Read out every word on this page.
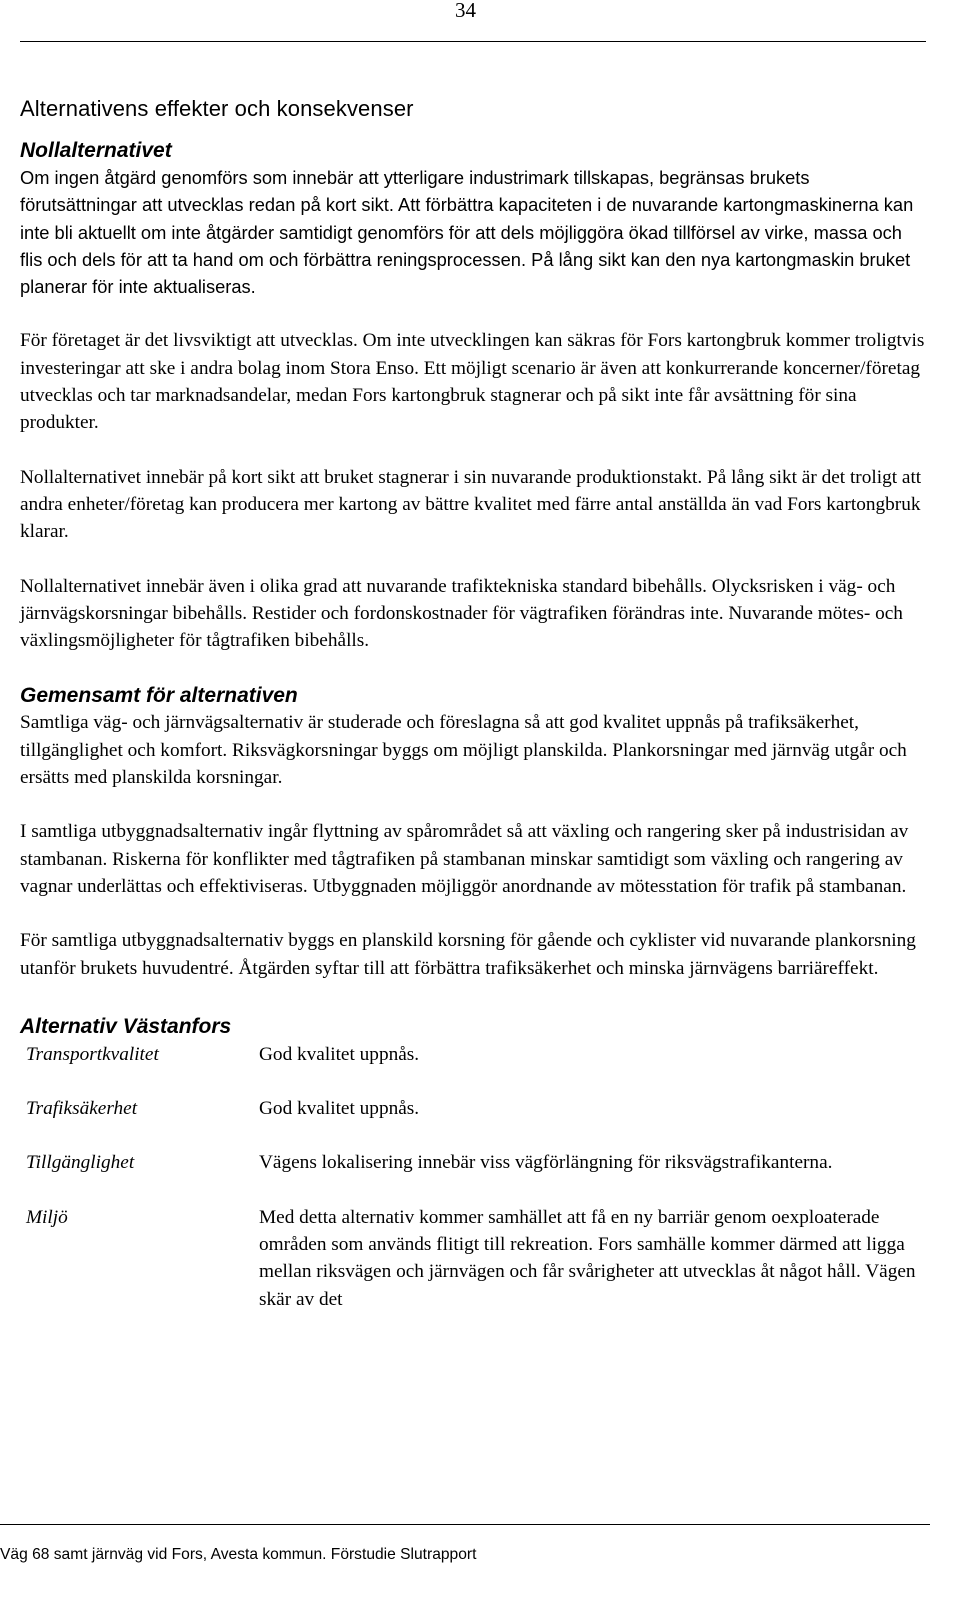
34
Alternativens effekter och konsekvenser
Nollalternativet

Om ingen åtgärd genomförs som innebär att ytterligare industrimark tillskapas, begränsas brukets förutsättningar att utvecklas redan på kort sikt. Att förbättra kapaciteten i de nuvarande kartongmaskinerna kan inte bli aktuellt om inte åtgärder samtidigt genomförs för att dels möjliggöra ökad tillförsel av virke, massa och flis och dels för att ta hand om och förbättra reningsprocessen. På lång sikt kan den nya kartongmaskin bruket planerar för inte aktualiseras.

För företaget är det livsviktigt att utvecklas. Om inte utvecklingen kan säkras för Fors kartongbruk kommer troligtvis investeringar att ske i andra bolag inom Stora Enso. Ett möjligt scenario är även att konkurrerande koncerner/företag utvecklas och tar marknadsandelar, medan Fors kartongbruk stagnerar och på sikt inte får avsättning för sina produkter.

Nollalternativet innebär på kort sikt att bruket stagnerar i sin nuvarande produktionstakt. På lång sikt är det troligt att andra enheter/företag kan producera mer kartong av bättre kvalitet med färre antal anställda än vad Fors kartongbruk klarar.

Nollalternativet innebär även i olika grad att nuvarande trafiktekniska standard bibehålls. Olycksrisken i väg- och järnvägskorsningar bibehålls. Restider och fordonskostnader för vägtrafiken förändras inte. Nuvarande mötes- och växlingsmöjligheter för tågtrafiken bibehålls.

Gemensamt för alternativen

Samtliga väg- och järnvägsalternativ är studerade och föreslagna så att god kvalitet uppnås på trafiksäkerhet, tillgänglighet och komfort. Riksvägkorsningar byggs om möjligt planskilda. Plankorsningar med järnväg utgår och ersätts med planskilda korsningar.

I samtliga utbyggnadsalternativ ingår flyttning av spårområdet så att växling och rangering sker på industrisidan av stambanan. Riskerna för konflikter med tågtrafiken på stambanan minskar samtidigt som växling och rangering av vagnar underlättas och effektiviseras. Utbyggnaden möjliggör anordnande av mötesstation för trafik på stambanan.

För samtliga utbyggnadsalternativ byggs en planskild korsning för gående och cyklister vid nuvarande plankorsning utanför brukets huvudentré. Åtgärden syftar till att förbättra trafiksäkerhet och minska järnvägens barriäreffekt.

Alternativ Västanfors
Transportkvalitet	God kvalitet uppnås.
Trafiksäkerhet	God kvalitet uppnås.
Tillgänglighet	Vägens lokalisering innebär viss vägförlängning för riksvägstrafikanterna.
Miljö	Med detta alternativ kommer samhället att få en ny barriär genom oexploaterade områden som används flitigt till rekreation. Fors samhälle kommer därmed att ligga mellan riksvägen och järnvägen och får svårigheter att utvecklas åt något håll. Vägen skär av det
Väg 68 samt järnväg vid Fors, Avesta kommun. Förstudie Slutrapport
